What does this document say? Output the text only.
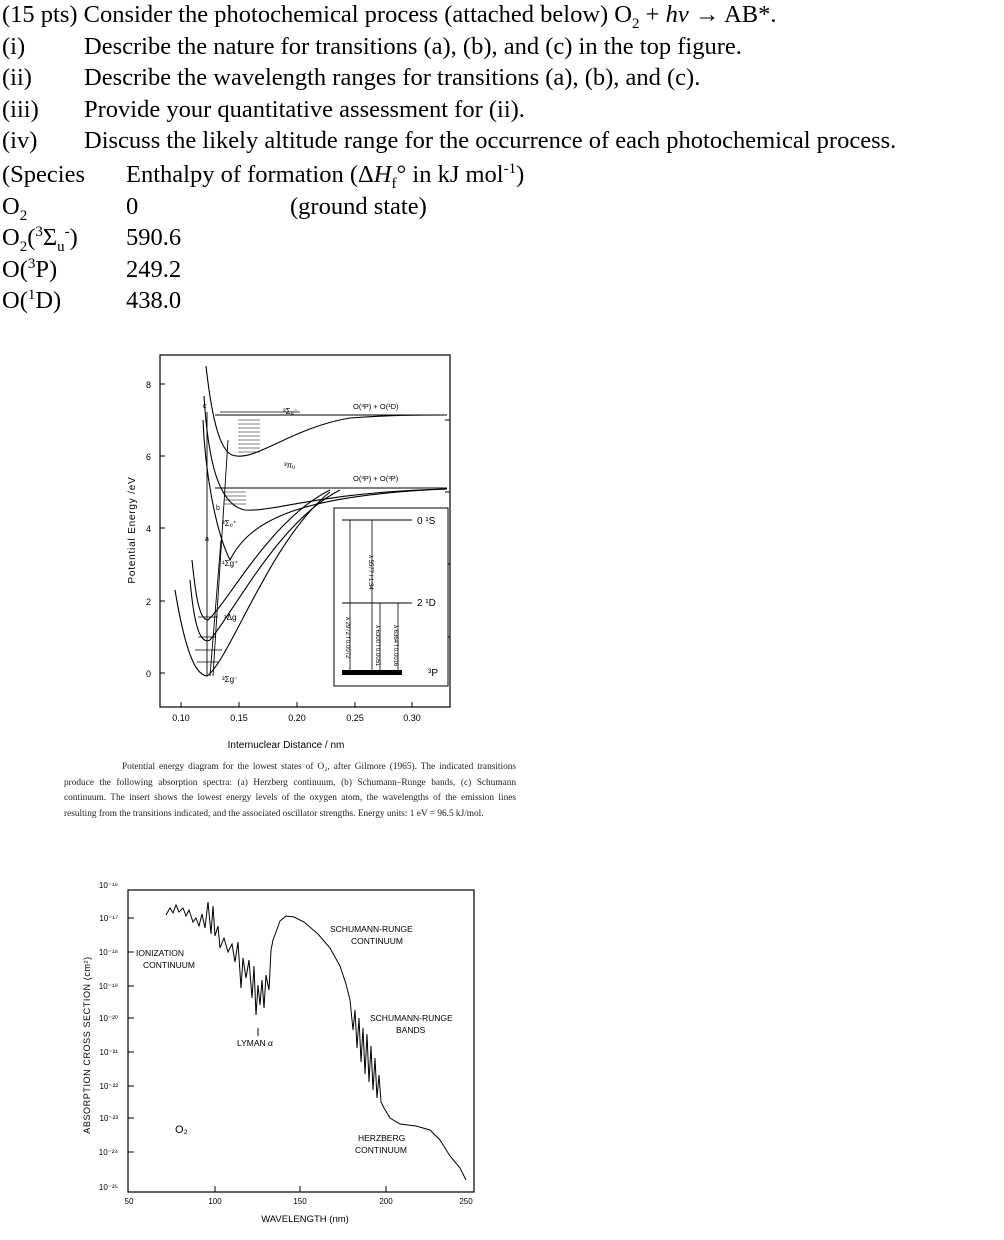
(15 pts) Consider the photochemical process (attached below) $O_2$ + hv → AB*.
(i) Describe the nature for transitions (a), (b), and (c) in the top figure.
(ii) Describe the wavelength ranges for transitions (a), (b), and (c).
(iii) Provide your quantitative assessment for (ii).
(iv) Discuss the likely altitude range for the occurrence of each photochemical process.
(Species Enthalpy of formation ($\Delta H_f^\circ$ in kJ mol$^{-1}$)
$O_2$	0	(ground state)
$O_2(^3\Sigma_u^-)$ 590.6
O($^3$P)	249.2
O($^1$D)	438.0
0
2
4
6
8
0.10	0.15	0.20	0.25	0.30
Potential Energy /eV
Internuclear Distance / nm
O(³P) + O(¹D)
O(³P) + O(³P)
a
b
c
³Σᵤ⁻
³πᵤ
³Σᵤ⁺
¹Σg⁺
¹Δg
³Σg⁻
0 ¹S
2 ¹D
³P
λ 5577 f 1.34
λ 2972 f 0.0072	λ 6300 f 0.0051 λ 6364 f 0.0016
Potential energy diagram for the lowest states of O₂, after Gilmore (1965). The indicated transitions produce the following absorption spectra: (a) Herzberg continuum, (b) Schumann–Runge bands, (c) Schumann continuum. The insert shows the lowest energy levels of the oxygen atom, the wavelengths of the emission lines resulting from the transitions indicated, and the associated oscillator strengths. Energy units: 1 eV = 96.5 kJ/mol.
10⁻¹⁶
10⁻¹⁷
10⁻¹⁸
10⁻¹⁹
10⁻²⁰
10⁻²¹
10⁻²²
10⁻²³
10⁻²⁴
10⁻²⁵
50	100	150	200	250
ABSORPTION CROSS SECTION (cm²)
WAVELENGTH (nm)
IONIZATION
CONTINUUM
SCHUMANN-RUNGE
CONTINUUM
SCHUMANN-RUNGE
BANDS
LYMAN α
HERZBERG
CONTINUUM
O₂
